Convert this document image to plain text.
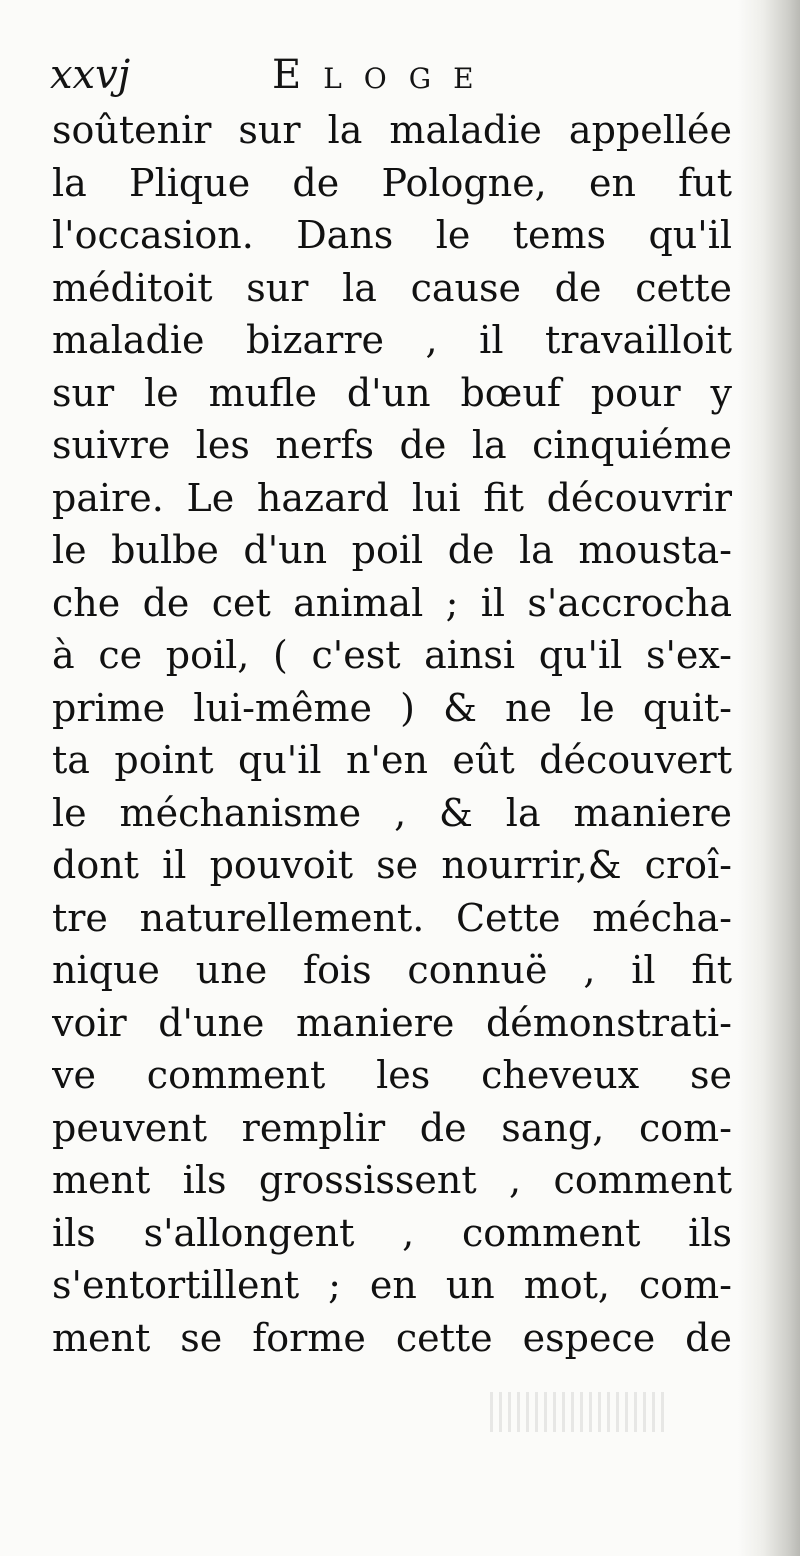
xxvj	Eloge
soûtenir sur la maladie appellée
la Plique de Pologne, en fut
l'occasion. Dans le tems qu'il
méditoit sur la cause de cette
maladie bizarre , il travailloit
sur le mufle d'un bœuf pour y
suivre les nerfs de la cinquiéme
paire. Le hazard lui fit découvrir
le bulbe d'un poil de la moustа-
che de cet animal ; il s'accrocha
à ce poil, ( c'est ainsi qu'il s'ex-
prime lui-même ) & ne le quit-
ta point qu'il n'en eût découvert
le méchanisme , & la maniere
dont il pouvoit se nourrir,& croî-
tre naturellement. Cette mécha-
nique une fois connuë , il fit
voir d'une maniere démonstrati-
ve comment les cheveux se
peuvent remplir de sang, com-
ment ils grossissent , comment
ils s'allongent , comment ils
s'entortillent ; en un mot, com-
ment se forme cette espece de
